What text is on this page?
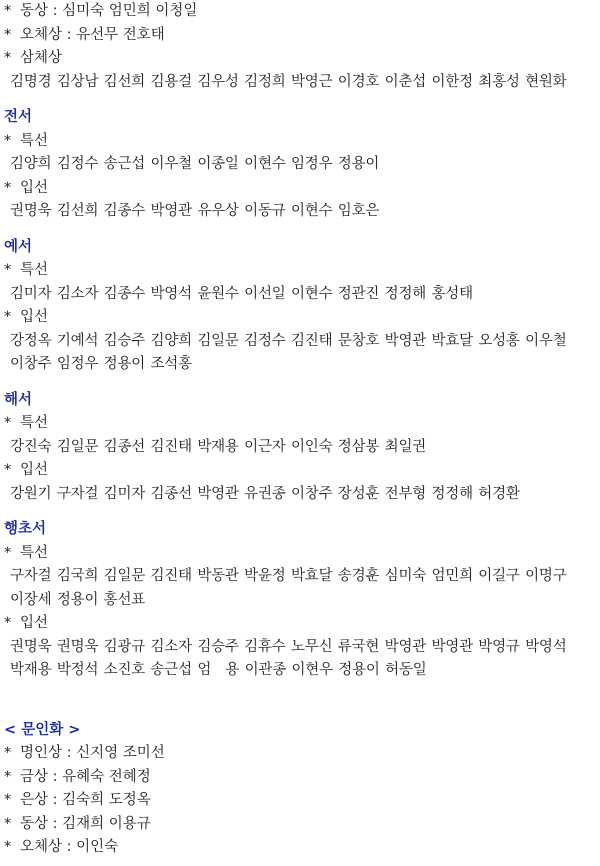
* 동상 : 심미숙 엄민희 이청일
* 오체상 : 유선무 전호태
* 삼체상
김명경 김상남 김선희 김용걸 김우성 김정희 박영근 이경호 이춘섭 이한정 최홍성 현원화
전서
* 특선
김양희 김정수 송근섭 이우철 이종일 이현수 임정우 정용이
* 입선
권명욱 김선희 김종수 박영관 유우상 이동규 이현수 임호은
예서
* 특선
김미자 김소자 김종수 박영석 윤원수 이선일 이현수 정관진 정정해 홍성태
* 입선
강정옥 기예석 김승주 김양희 김일문 김정수 김진태 문창호 박영관 박효달 오성홍 이우철
이창주 임정우 정용이 조석홍
해서
* 특선
강진숙 김일문 김종선 김진태 박재용 이근자 이인숙 정삼봉 최일권
* 입선
강원기 구자걸 김미자 김종선 박영관 유권종 이창주 장성훈 전부형 정정해 허경환
행초서
* 특선
구자걸 김국희 김일문 김진태 박동관 박윤정 박효달 송경훈 심미숙 엄민희 이길구 이명구
이장세 정용이 홍선표
* 입선
권명욱 권명욱 김광규 김소자 김승주 김휴수 노무신 류국현 박영관 박영관 박영규 박영석
박재용 박정석 소진호 송근섭 엄　용 이관종 이현우 정용이 허동일
< 문인화 >
* 명인상 : 신지영 조미선
* 금상 : 유혜숙 전혜정
* 은상 : 김숙희 도정옥
* 동상 : 김재희 이용규
* 오체상 : 이인숙
